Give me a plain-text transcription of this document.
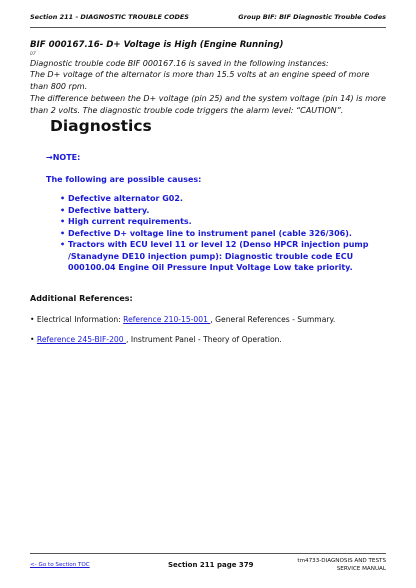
Section 211 - DIAGNOSTIC TROUBLE CODES	Group BIF: BIF Diagnostic Trouble Codes
BIF 000167.16- D+ Voltage is High (Engine Running)
07
Diagnostic trouble code BIF 000167.16 is saved in the following instances:
The D+ voltage of the alternator is more than 15.5 volts at an engine speed of more than 800 rpm.
The difference between the D+ voltage (pin 25) and the system voltage (pin 14) is more than 2 volts. The diagnostic trouble code triggers the alarm level: “CAUTION”.
Diagnostics
→NOTE:
The following are possible causes:
• Defective alternator G02.
• Defective battery.
• High current requirements.
• Defective D+ voltage line to instrument panel (cable 326/306).
• Tractors with ECU level 11 or level 12 (Denso HPCR injection pump /Stanadyne DE10 injection pump): Diagnostic trouble code ECU 000100.04 Engine Oil Pressure Input Voltage Low take priority.
Additional References:
• Electrical Information: Reference 210-15-001 , General References - Summary.
• Reference 245-BIF-200 , Instrument Panel - Theory of Operation.
<- Go to Section TOC	Section 211 page 379	tm4733-DIAGNOSIS AND TESTS
SERVICE MANUAL
